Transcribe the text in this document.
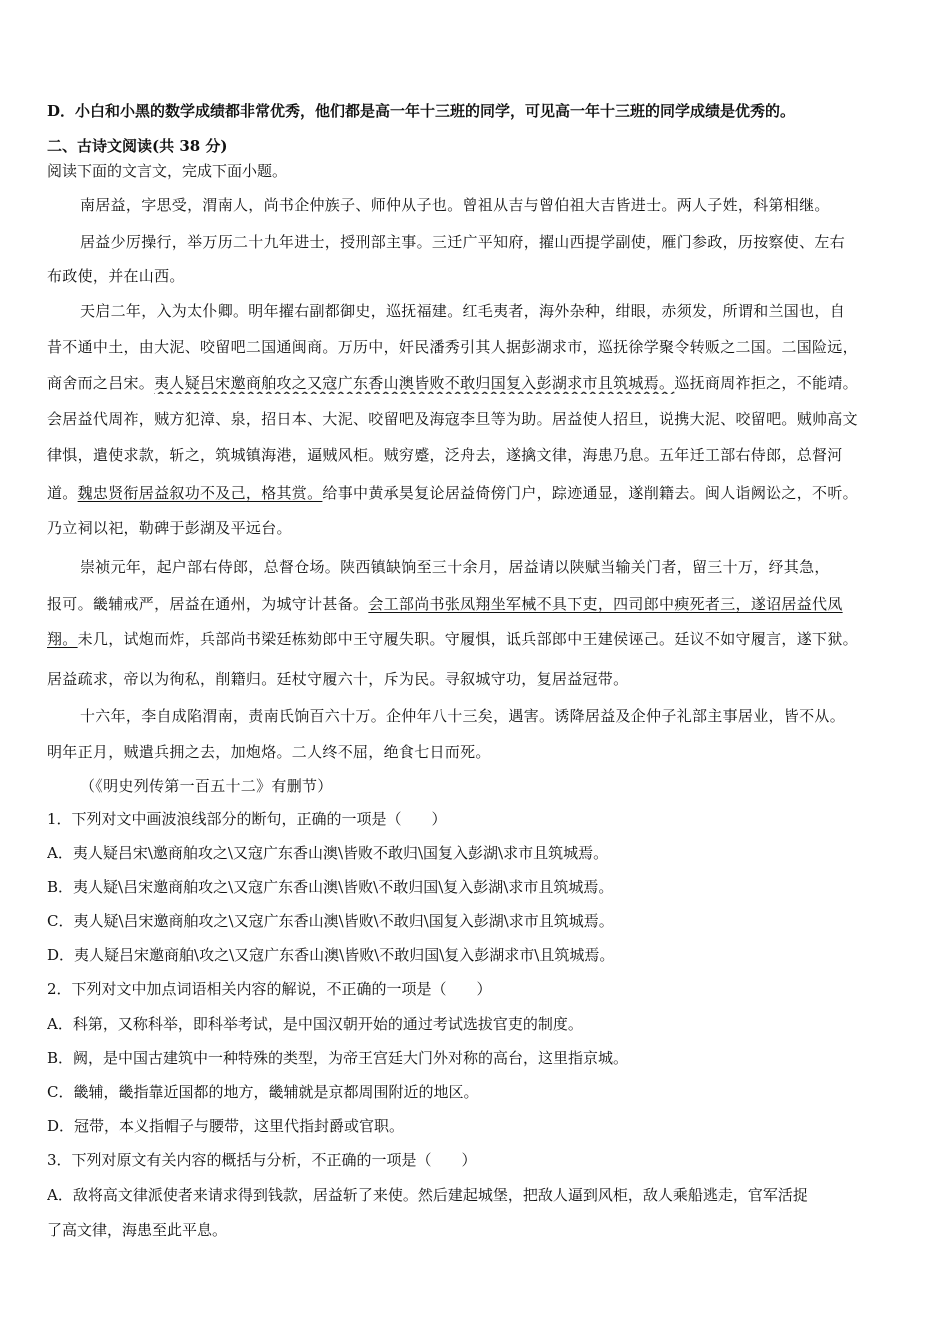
D．小白和小黑的数学成绩都非常优秀，他们都是高一年十三班的同学，可见高一年十三班的同学成绩是优秀的。
二、古诗文阅读(共 38 分)
阅读下面的文言文，完成下面小题。
南居益，字思受，渭南人，尚书企仲族子、师仲从子也。曾祖从吉与曾伯祖大吉皆进士。两人子姓，科第相继。
居益少厉操行，举万历二十九年进士，授刑部主事。三迁广平知府，擢山西提学副使，雁门参政，历按察使、左右
布政使，并在山西。
天启二年，入为太仆卿。明年擢右副都御史，巡抚福建。红毛夷者，海外杂种，绀眼，赤须发，所谓和兰国也，自
昔不通中土，由大泥、咬留吧二国通闽商。万历中，奸民潘秀引其人据彭湖求市，巡抚徐学聚令转贩之二国。二国险远，
商舍而之吕宋。夷人疑吕宋邀商舶攻之又寇广东香山澳皆败不敢归国复入彭湖求市且筑城焉。巡抚商周祚拒之，不能靖。
会居益代周祚，贼方犯漳、泉，招日本、大泥、咬留吧及海寇李旦等为助。居益使人招旦，说携大泥、咬留吧。贼帅高文
律惧，遣使求款，斩之，筑城镇海港，逼贼风柜。贼穷蹙，泛舟去，遂擒文律，海患乃息。五年迁工部右侍郎，总督河
道。魏忠贤衔居益叙功不及己，格其赏。给事中黄承昊复论居益倚傍门户，踪迹通显，遂削籍去。闽人诣阙讼之，不听。
乃立祠以祀，勒碑于彭湖及平远台。
崇祯元年，起户部右侍郎，总督仓场。陕西镇缺饷至三十余月，居益请以陕赋当输关门者，留三十万，纾其急，
报可。畿辅戒严，居益在通州，为城守计甚备。会工部尚书张凤翔坐军械不具下吏，四司郎中瘐死者三，遂诏居益代凤
翔。未几，试炮而炸，兵部尚书梁廷栋劾郎中王守履失职。守履惧，诋兵部郎中王建侯诬己。廷议不如守履言，遂下狱。
居益疏求，帝以为徇私，削籍归。廷杖守履六十，斥为民。寻叙城守功，复居益冠带。
十六年，李自成陷渭南，责南氏饷百六十万。企仲年八十三矣，遇害。诱降居益及企仲子礼部主事居业，皆不从。
明年正月，贼遣兵拥之去，加炮烙。二人终不屈，绝食七日而死。
（《明史列传第一百五十二》有删节）
1．下列对文中画波浪线部分的断句，正确的一项是（　　）
A．夷人疑吕宋\邀商舶攻之\又寇广东香山澳\皆败不敢归\国复入彭湖\求市且筑城焉。
B．夷人疑\吕宋邀商舶攻之\又寇广东香山澳\皆败\不敢归国\复入彭湖\求市且筑城焉。
C．夷人疑\吕宋邀商舶攻之\又寇广东香山澳\皆败\不敢归\国复入彭湖\求市且筑城焉。
D．夷人疑吕宋邀商舶\攻之\又寇广东香山澳\皆败\不敢归国\复入彭湖求市\且筑城焉。
2．下列对文中加点词语相关内容的解说，不正确的一项是（　　）
A．科第，又称科举，即科举考试，是中国汉朝开始的通过考试选拔官吏的制度。
B．阙，是中国古建筑中一种特殊的类型，为帝王宫廷大门外对称的高台，这里指京城。
C．畿辅，畿指靠近国都的地方，畿辅就是京都周围附近的地区。
D．冠带，本义指帽子与腰带，这里代指封爵或官职。
3．下列对原文有关内容的概括与分析，不正确的一项是（　　）
A．敌将高文律派使者来请求得到钱款，居益斩了来使。然后建起城堡，把敌人逼到风柜，敌人乘船逃走，官军活捉
了高文律，海患至此平息。
